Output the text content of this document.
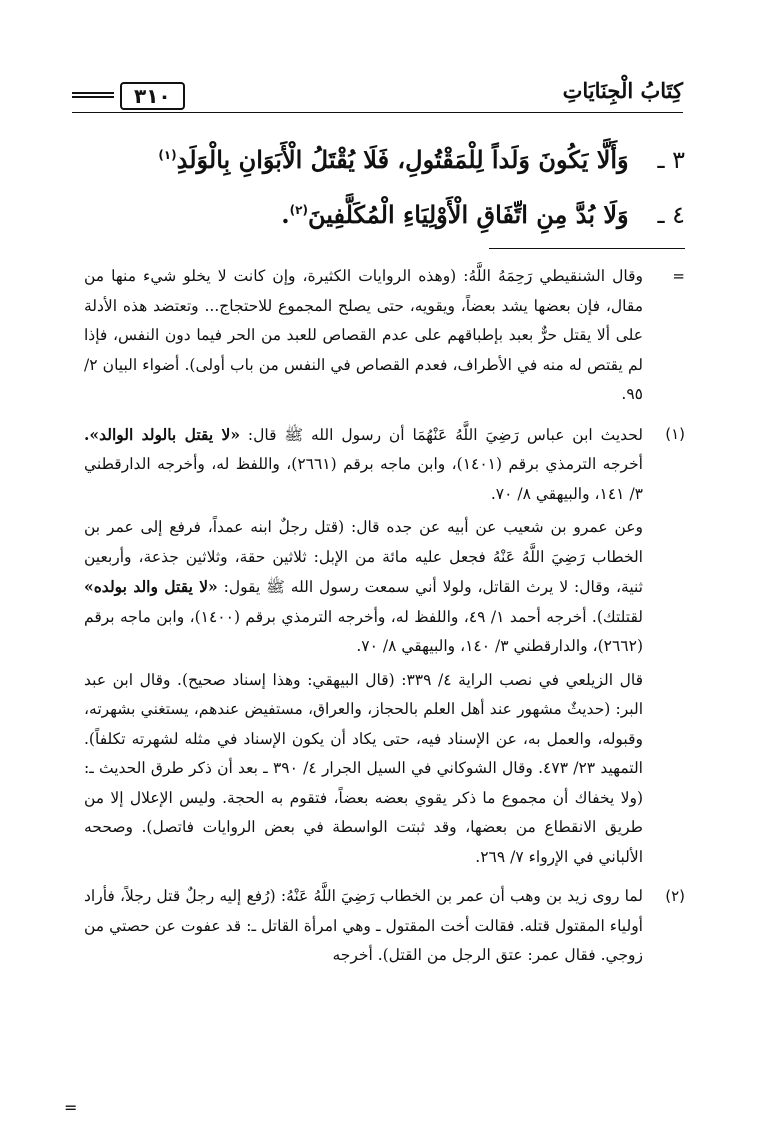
كِتَابُ الْجِنَايَاتِ
٣١٠

٣ ـ وَأَلَّا يَكُونَ وَلَداً لِلْمَقْتُولِ، فَلَا يُقْتَلُ الْأَبَوَانِ بِالْوَلَدِ$^{(١)}$

٤ ـ وَلَا بُدَّ مِنِ اتِّفَاقِ الْأَوْلِيَاءِ الْمُكَلَّفِينَ$^{(٢)}$.

=

وقال الشنقيطي رَحِمَهُ اللَّهُ: (وهذه الروايات الكثيرة، وإن كانت لا يخلو شيء منها من مقال، فإن بعضها يشد بعضاً، ويقويه، حتى يصلح المجموع للاحتجاج... وتعتضد هذه الأدلة على ألا يقتل حرٌّ بعبد بإطباقهم على عدم القصاص للعبد من الحر فيما دون النفس، فإذا لم يقتص له منه في الأطراف، فعدم القصاص في النفس من باب أولى). أضواء البيان ٢/ ٩٥.

(١)

لحديث ابن عباس رَضِيَ اللَّهُ عَنْهُمَا أن رسول الله ﷺ قال: «لا يقتل بالولد الوالد». أخرجه الترمذي برقم (١٤٠١)، وابن ماجه برقم (٢٦٦١)، واللفظ له، وأخرجه الدارقطني ٣/ ١٤١، والبيهقي ٨/ ٧٠.

وعن عمرو بن شعيب عن أبيه عن جده قال: (قتل رجلٌ ابنه عمداً، فرفع إلى عمر بن الخطاب رَضِيَ اللَّهُ عَنْهُ فجعل عليه مائة من الإبل: ثلاثين حقة، وثلاثين جذعة، وأربعين ثنية، وقال: لا يرث القاتل، ولولا أني سمعت رسول الله ﷺ يقول: «لا يقتل والد بولده» لقتلتك). أخرجه أحمد ١/ ٤٩، واللفظ له، وأخرجه الترمذي برقم (١٤٠٠)، وابن ماجه برقم (٢٦٦٢)، والدارقطني ٣/ ١٤٠، والبيهقي ٨/ ٧٠.

قال الزيلعي في نصب الراية ٤/ ٣٣٩: (قال البيهقي: وهذا إسناد صحيح). وقال ابن عبد البر: (حديثٌ مشهور عند أهل العلم بالحجاز، والعراق، مستفيض عندهم، يستغني بشهرته، وقبوله، والعمل به، عن الإسناد فيه، حتى يكاد أن يكون الإسناد في مثله لشهرته تكلفاً). التمهيد ٢٣/ ٤٧٣. وقال الشوكاني في السيل الجرار ٤/ ٣٩٠ ـ بعد أن ذكر طرق الحديث ـ: (ولا يخفاك أن مجموع ما ذكر يقوي بعضه بعضاً، فتقوم به الحجة. وليس الإعلال إلا من طريق الانقطاع من بعضها، وقد ثبتت الواسطة في بعض الروايات فاتصل). وصححه الألباني في الإرواء ٧/ ٢٦٩.

(٢)

لما روى زيد بن وهب أن عمر بن الخطاب رَضِيَ اللَّهُ عَنْهُ: (رُفع إليه رجلٌ قتل رجلاً، فأراد أولياء المقتول قتله. فقالت أخت المقتول ـ وهي امرأة القاتل ـ: قد عفوت عن حصتي من زوجي. فقال عمر: عتق الرجل من القتل). أخرجه

=
